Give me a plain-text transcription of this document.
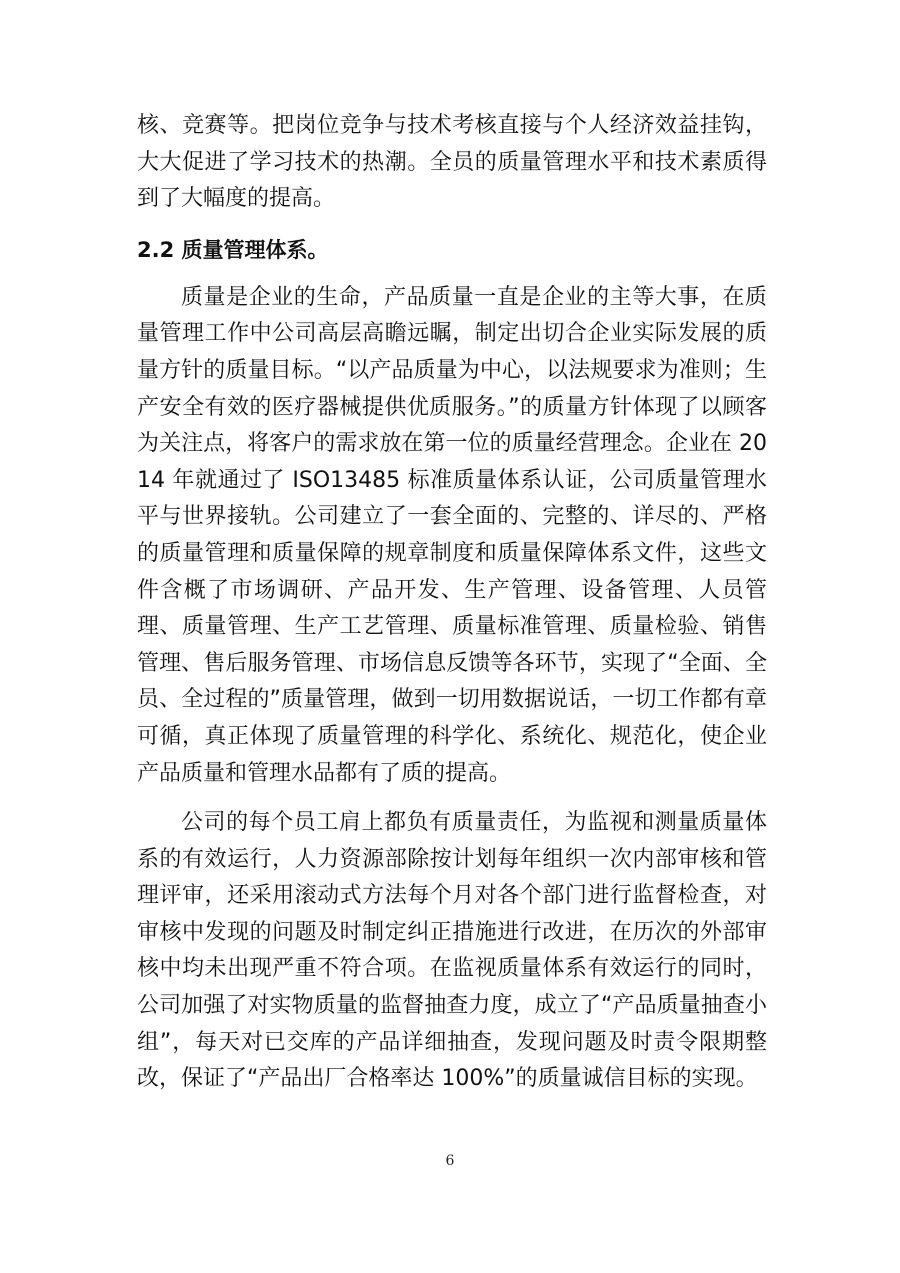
核、竞赛等。把岗位竞争与技术考核直接与个人经济效益挂钩，大大促进了学习技术的热潮。全员的质量管理水平和技术素质得到了大幅度的提高。

2.2 质量管理体系。

质量是企业的生命，产品质量一直是企业的主等大事，在质量管理工作中公司高层高瞻远瞩，制定出切合企业实际发展的质量方针的质量目标。“以产品质量为中心，以法规要求为准则；生产安全有效的医疗器械提供优质服务。”的质量方针体现了以顾客为关注点，将客户的需求放在第一位的质量经营理念。企业在 2014 年就通过了 ISO13485 标准质量体系认证，公司质量管理水平与世界接轨。公司建立了一套全面的、完整的、详尽的、严格的质量管理和质量保障的规章制度和质量保障体系文件，这些文件含概了市场调研、产品开发、生产管理、设备管理、人员管理、质量管理、生产工艺管理、质量标准管理、质量检验、销售管理、售后服务管理、市场信息反馈等各环节，实现了“全面、全员、全过程的”质量管理，做到一切用数据说话，一切工作都有章可循，真正体现了质量管理的科学化、系统化、规范化，使企业产品质量和管理水品都有了质的提高。

公司的每个员工肩上都负有质量责任，为监视和测量质量体系的有效运行，人力资源部除按计划每年组织一次内部审核和管理评审，还采用滚动式方法每个月对各个部门进行监督检查，对审核中发现的问题及时制定纠正措施进行改进，在历次的外部审核中均未出现严重不符合项。在监视质量体系有效运行的同时，公司加强了对实物质量的监督抽查力度，成立了“产品质量抽查小组”，每天对已交库的产品详细抽查，发现问题及时责令限期整改，保证了“产品出厂合格率达 100%”的质量诚信目标的实现。

6
